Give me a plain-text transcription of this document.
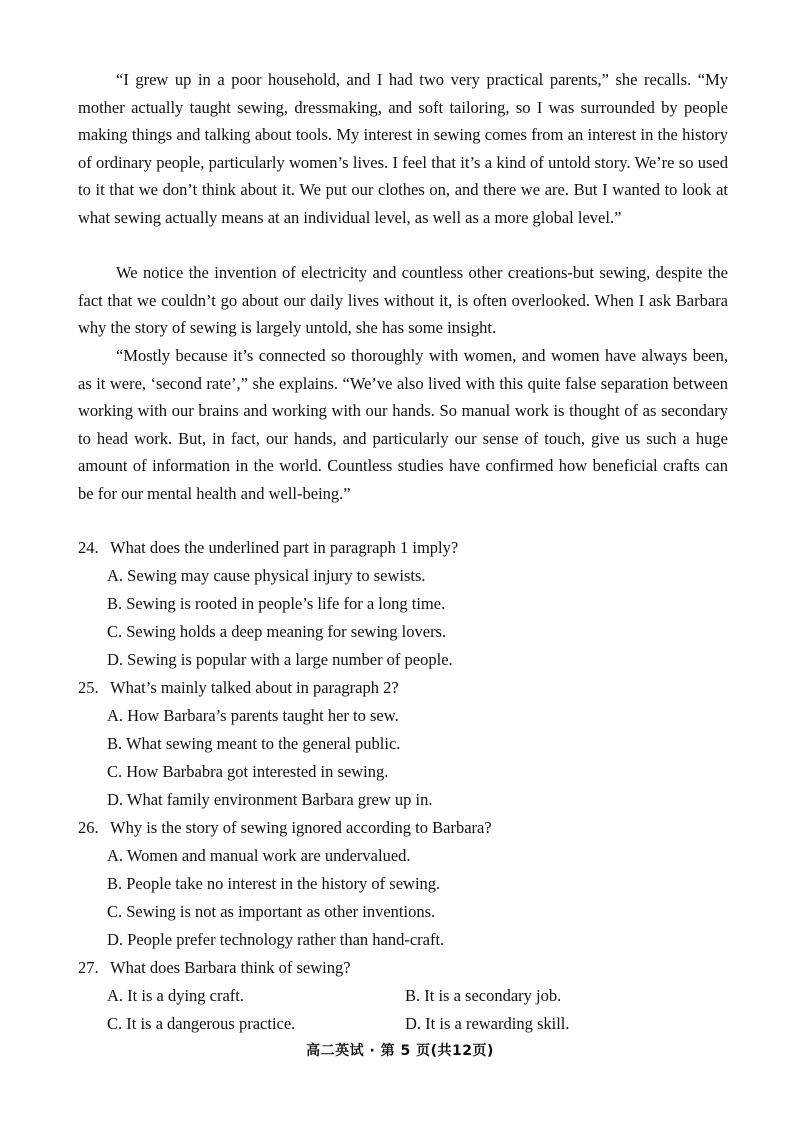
“I grew up in a poor household, and I had two very practical parents,” she recalls. “My mother actually taught sewing, dressmaking, and soft tailoring, so I was surrounded by people making things and talking about tools. My interest in sewing comes from an interest in the history of ordinary people, particularly women’s lives. I feel that it’s a kind of untold story. We’re so used to it that we don’t think about it. We put our clothes on, and there we are. But I wanted to look at what sewing actually means at an individual level, as well as a more global level.”

We notice the invention of electricity and countless other creations-but sewing, despite the fact that we couldn’t go about our daily lives without it, is often overlooked. When I ask Barbara why the story of sewing is largely untold, she has some insight.

“Mostly because it’s connected so thoroughly with women, and women have always been, as it were, ‘second rate’,” she explains. “We’ve also lived with this quite false separation between working with our brains and working with our hands. So manual work is thought of as secondary to head work. But, in fact, our hands, and particularly our sense of touch, give us such a huge amount of information in the world. Countless studies have confirmed how beneficial crafts can be for our mental health and well-being.”

24. What does the underlined part in paragraph 1 imply?

A. Sewing may cause physical injury to sewists.

B. Sewing is rooted in people’s life for a long time.

C. Sewing holds a deep meaning for sewing lovers.

D. Sewing is popular with a large number of people.

25. What’s mainly talked about in paragraph 2?

A. How Barbara’s parents taught her to sew.

B. What sewing meant to the general public.

C. How Barbabra got interested in sewing.

D. What family environment Barbara grew up in.

26. Why is the story of sewing ignored according to Barbara?

A. Women and manual work are undervalued.

B. People take no interest in the history of sewing.

C. Sewing is not as important as other inventions.

D. People prefer technology rather than hand-craft.

27. What does Barbara think of sewing?

A. It is a dying craft.	B. It is a secondary job.

C. It is a dangerous practice.	D. It is a rewarding skill.

高二英试 · 第 5 页(共12页)
